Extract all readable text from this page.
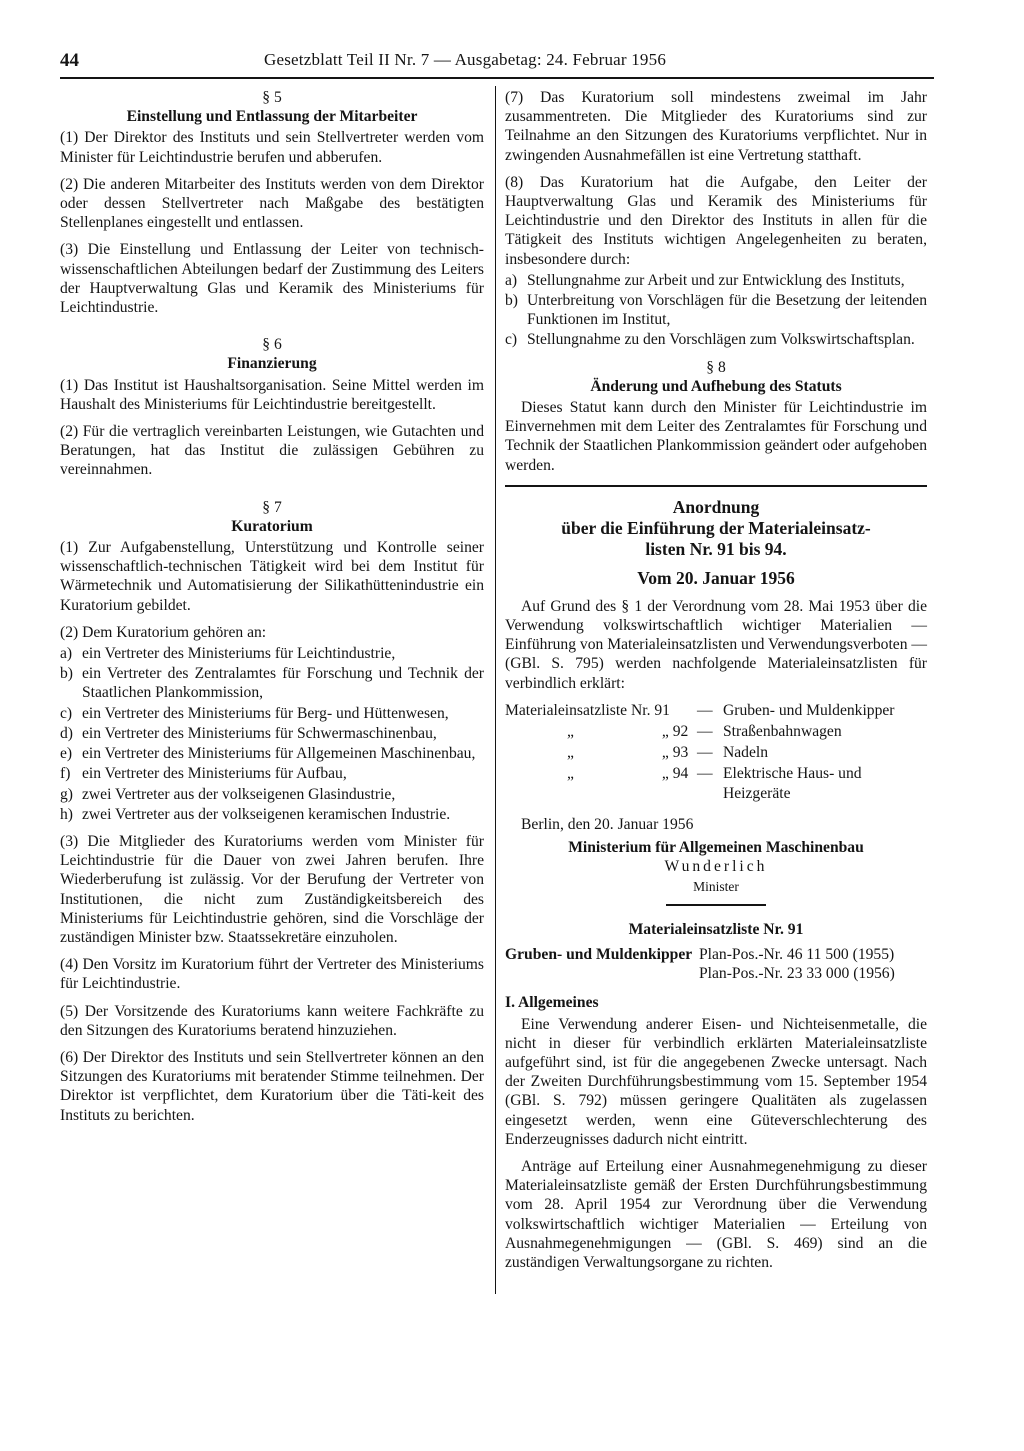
44	Gesetzblatt Teil II Nr. 7 — Ausgabetag: 24. Februar 1956
§ 5
Einstellung und Entlassung der Mitarbeiter

(1) Der Direktor des Instituts und sein Stellvertreter werden vom Minister für Leichtindustrie berufen und abberufen.

(2) Die anderen Mitarbeiter des Instituts werden von dem Direktor oder dessen Stellvertreter nach Maßgabe des bestätigten Stellenplanes eingestellt und entlassen.

(3) Die Einstellung und Entlassung der Leiter von technisch-wissenschaftlichen Abteilungen bedarf der Zustimmung des Leiters der Hauptverwaltung Glas und Keramik des Ministeriums für Leichtindustrie.

§ 6
Finanzierung

(1) Das Institut ist Haushaltsorganisation. Seine Mittel werden im Haushalt des Ministeriums für Leichtindustrie bereitgestellt.

(2) Für die vertraglich vereinbarten Leistungen, wie Gutachten und Beratungen, hat das Institut die zulässigen Gebühren zu vereinnahmen.

§ 7
Kuratorium

(1) Zur Aufgabenstellung, Unterstützung und Kontrolle seiner wissenschaftlich-technischen Tätigkeit wird bei dem Institut für Wärmetechnik und Automatisierung der Silikathüttenindustrie ein Kuratorium gebildet.

(2) Dem Kuratorium gehören an:

a) ein Vertreter des Ministeriums für Leichtindustrie,
b) ein Vertreter des Zentralamtes für Forschung und Technik der Staatlichen Plankommission,
c) ein Vertreter des Ministeriums für Berg- und Hüttenwesen,
d) ein Vertreter des Ministeriums für Schwermaschinenbau,
e) ein Vertreter des Ministeriums für Allgemeinen Maschinenbau,
f) ein Vertreter des Ministeriums für Aufbau,
g) zwei Vertreter aus der volkseigenen Glasindustrie,
h) zwei Vertreter aus der volkseigenen keramischen Industrie.

(3) Die Mitglieder des Kuratoriums werden vom Minister für Leichtindustrie für die Dauer von zwei Jahren berufen. Ihre Wiederberufung ist zulässig. Vor der Berufung der Vertreter von Institutionen, die nicht zum Zuständigkeitsbereich des Ministeriums für Leichtindustrie gehören, sind die Vorschläge der zuständigen Minister bzw. Staatssekretäre einzuholen.

(4) Den Vorsitz im Kuratorium führt der Vertreter des Ministeriums für Leichtindustrie.

(5) Der Vorsitzende des Kuratoriums kann weitere Fachkräfte zu den Sitzungen des Kuratoriums beratend hinzuziehen.

(6) Der Direktor des Instituts und sein Stellvertreter können an den Sitzungen des Kuratoriums mit beratender Stimme teilnehmen. Der Direktor ist verpflichtet, dem Kuratorium über die Täti-keit des Instituts zu berichten.

(7) Das Kuratorium soll mindestens zweimal im Jahr zusammentreten. Die Mitglieder des Kuratoriums sind zur Teilnahme an den Sitzungen des Kuratoriums verpflichtet. Nur in zwingenden Ausnahmefällen ist eine Vertretung statthaft.

(8) Das Kuratorium hat die Aufgabe, den Leiter der Hauptverwaltung Glas und Keramik des Ministeriums für Leichtindustrie und den Direktor des Instituts in allen für die Tätigkeit des Instituts wichtigen Angelegenheiten zu beraten, insbesondere durch:

a) Stellungnahme zur Arbeit und zur Entwicklung des Instituts,
b) Unterbreitung von Vorschlägen für die Besetzung der leitenden Funktionen im Institut,
c) Stellungnahme zu den Vorschlägen zum Volkswirtschaftsplan.
§ 8
Änderung und Aufhebung des Statuts

Dieses Statut kann durch den Minister für Leichtindustrie im Einvernehmen mit dem Leiter des Zentralamtes für Forschung und Technik der Staatlichen Plankommission geändert oder aufgehoben werden.

Anordnung
über die Einführung der Materialeinsatz-
listen Nr. 91 bis 94.
Vom 20. Januar 1956

Auf Grund des § 1 der Verordnung vom 28. Mai 1953 über die Verwendung volkswirtschaftlich wichtiger Materialien — Einführung von Materialeinsatzlisten und Verwendungsverboten — (GBl. S. 795) werden nachfolgende Materialeinsatzlisten für verbindlich erklärt:

Materialeinsatzliste Nr. 91	—	Gruben- und Muldenkipper
„ „ 92	—	Straßenbahnwagen
„ „ 93	—	Nadeln
„ „ 94	—	Elektrische Haus- und Heizgeräte

Berlin, den 20. Januar 1956

Ministerium für Allgemeinen Maschinenbau
Wunderlich
Minister
Materialeinsatzliste Nr. 91
Gruben- und Muldenkipper Plan-Pos.-Nr. 46 11 500 (1955)
Plan-Pos.-Nr. 23 33 000 (1956)
I. Allgemeines

Eine Verwendung anderer Eisen- und Nichteisenmetalle, die nicht in dieser für verbindlich erklärten Materialeinsatzliste aufgeführt sind, ist für die angegebenen Zwecke untersagt. Nach der Zweiten Durchführungsbestimmung vom 15. September 1954 (GBl. S. 792) müssen geringere Qualitäten als zugelassen eingesetzt werden, wenn eine Güteverschlechterung des Enderzeugnisses dadurch nicht eintritt.

Anträge auf Erteilung einer Ausnahmegenehmigung zu dieser Materialeinsatzliste gemäß der Ersten Durchführungsbestimmung vom 28. April 1954 zur Verordnung über die Verwendung volkswirtschaftlich wichtiger Materialien — Erteilung von Ausnahmegenehmigungen — (GBl. S. 469) sind an die zuständigen Verwaltungsorgane zu richten.
